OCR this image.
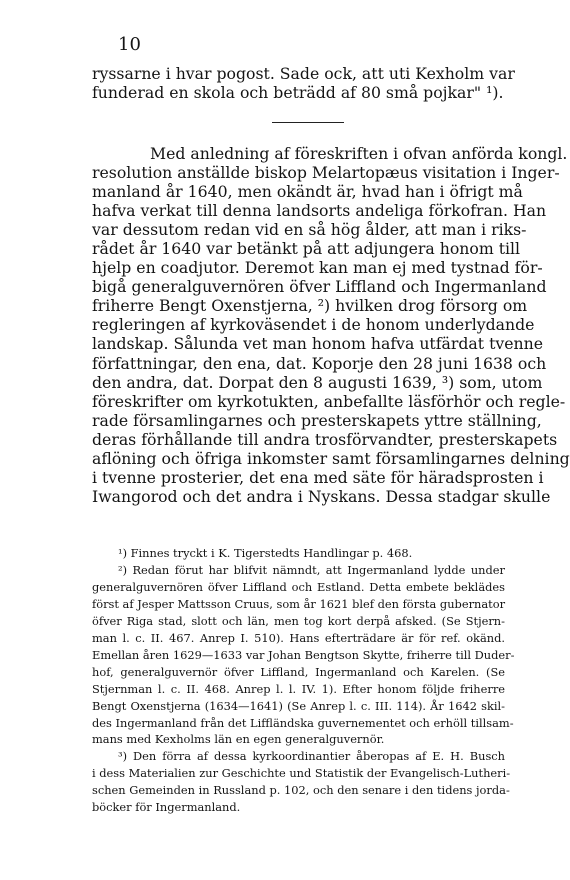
10
ryssarne i hvar pogost. Sade ock, att uti Kexholm var
funderad en skola och beträdd af 80 små pojkar" ¹).
Med anledning af föreskriften i ofvan anförda kongl.
resolution anställde biskop Melartopæus visitation i Inger-
manland år 1640, men okändt är, hvad han i öfrigt må
hafva verkat till denna landsorts andeliga förkofran. Han
var dessutom redan vid en så hög ålder, att man i riks-
rådet år 1640 var betänkt på att adjungera honom till
hjelp en coadjutor. Deremot kan man ej med tystnad för-
bigå generalguvernören öfver Liffland och Ingermanland
friherre Bengt Oxenstjerna, ²) hvilken drog försorg om
regleringen af kyrkoväsendet i de honom underlydande
landskap. Sålunda vet man honom hafva utfärdat tvenne
författningar, den ena, dat. Koporje den 28 juni 1638 och
den andra, dat. Dorpat den 8 augusti 1639, ³) som, utom
föreskrifter om kyrkotukten, anbefallte läsförhör och regle-
rade församlingarnes och presterskapets yttre ställning,
deras förhållande till andra trosförvandter, presterskapets
aflöning och öfriga inkomster samt församlingarnes delning
i tvenne prosterier, det ena med säte för häradsprosten i
Iwangorod och det andra i Nyskans. Dessa stadgar skulle
¹) Finnes tryckt i K. Tigerstedts Handlingar p. 468.
²) Redan förut har blifvit nämndt, att Ingermanland lydde under
generalguvernören öfver Liffland och Estland. Detta embete beklädes
först af Jesper Mattsson Cruus, som år 1621 blef den första gubernator
öfver Riga stad, slott och län, men tog kort derpå afsked. (Se Stjern-
man l. c. II. 467. Anrep I. 510). Hans efterträdare är för ref. okänd.
Emellan åren 1629—1633 var Johan Bengtson Skytte, friherre till Duder-
hof, generalguvernör öfver Liffland, Ingermanland och Karelen. (Se
Stjernman l. c. II. 468. Anrep l. l. IV. 1). Efter honom följde friherre
Bengt Oxenstjerna (1634—1641) (Se Anrep l. c. III. 114). År 1642 skil-
des Ingermanland från det Liffländska guvernementet och erhöll tillsam-
mans med Kexholms län en egen generalguvernör.
³) Den förra af dessa kyrkoordinantier åberopas af E. H. Busch
i dess Materialien zur Geschichte und Statistik der Evangelisch-Lutheri-
schen Gemeinden in Russland p. 102, och den senare i den tidens jorda-
böcker för Ingermanland.
